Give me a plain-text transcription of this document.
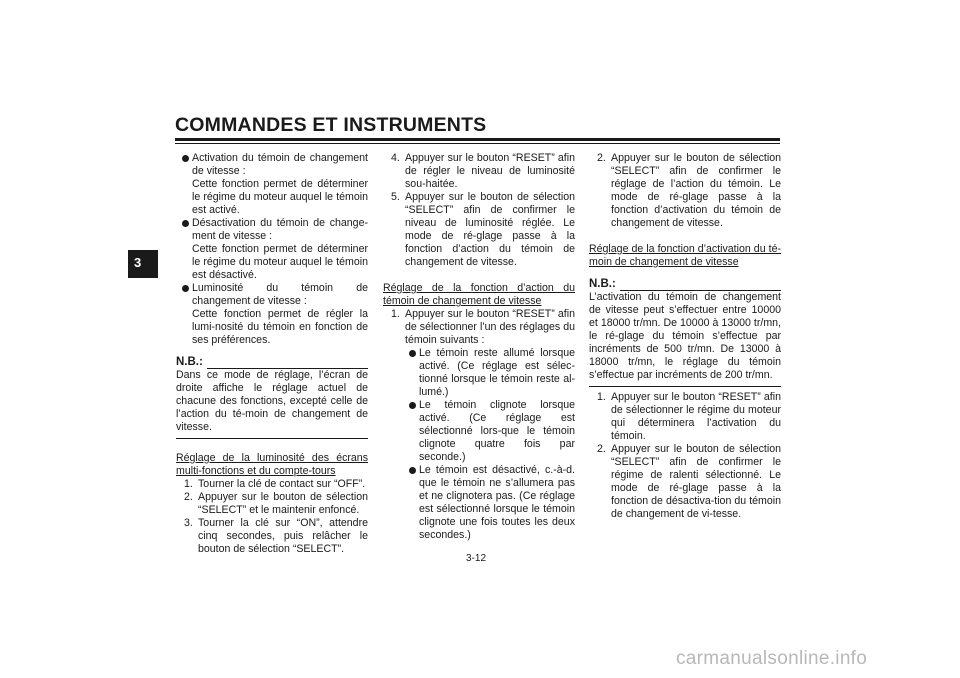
COMMANDES ET INSTRUMENTS
3
Activation du témoin de changement de vitesse :
Cette fonction permet de déterminer le régime du moteur auquel le témoin est activé.
Désactivation du témoin de change-ment de vitesse :
Cette fonction permet de déterminer le régime du moteur auquel le témoin est désactivé.
Luminosité du témoin de changement de vitesse :
Cette fonction permet de régler la lumi-nosité du témoin en fonction de ses préférences.
N.B.:
Dans ce mode de réglage, l’écran de droite affiche le réglage actuel de chacune des fonctions, excepté celle de l’action du té-moin de changement de vitesse.
Réglage de la luminosité des écrans multi-fonctions et du compte-tours
1. Tourner la clé de contact sur “OFF”.
2. Appuyer sur le bouton de sélection “SELECT” et le maintenir enfoncé.
3. Tourner la clé sur “ON”, attendre cinq secondes, puis relâcher le bouton de sélection “SELECT”.
4. Appuyer sur le bouton “RESET” afin de régler le niveau de luminosité sou-haitée.
5. Appuyer sur le bouton de sélection “SELECT” afin de confirmer le niveau de luminosité réglée. Le mode de ré-glage passe à la fonction d’action du témoin de changement de vitesse.
Réglage de la fonction d’action du témoin de changement de vitesse
1. Appuyer sur le bouton “RESET” afin de sélectionner l’un des réglages du témoin suivants :
Le témoin reste allumé lorsque activé. (Ce réglage est sélec-tionné lorsque le témoin reste al-lumé.)
Le témoin clignote lorsque activé. (Ce réglage est sélectionné lors-que le témoin clignote quatre fois par seconde.)
Le témoin est désactivé, c.-à-d. que le témoin ne s’allumera pas et ne clignotera pas. (Ce réglage est sélectionné lorsque le témoin clignote une fois toutes les deux secondes.)
2. Appuyer sur le bouton de sélection “SELECT” afin de confirmer le réglage de l’action du témoin. Le mode de ré-glage passe à la fonction d’activation du témoin de changement de vitesse.
Réglage de la fonction d’activation du té-moin de changement de vitesse
N.B.:
L’activation du témoin de changement de vitesse peut s’effectuer entre 10000 et 18000 tr/mn. De 10000 à 13000 tr/mn, le ré-glage du témoin s’effectue par incréments de 500 tr/mn. De 13000 à 18000 tr/mn, le réglage du témoin s’effectue par incréments de 200 tr/mn.
1. Appuyer sur le bouton “RESET” afin de sélectionner le régime du moteur qui déterminera l’activation du témoin.
2. Appuyer sur le bouton de sélection “SELECT” afin de confirmer le régime de ralenti sélectionné. Le mode de ré-glage passe à la fonction de désactiva-tion du témoin de changement de vi-tesse.
3-12
carmanualsonline.info
